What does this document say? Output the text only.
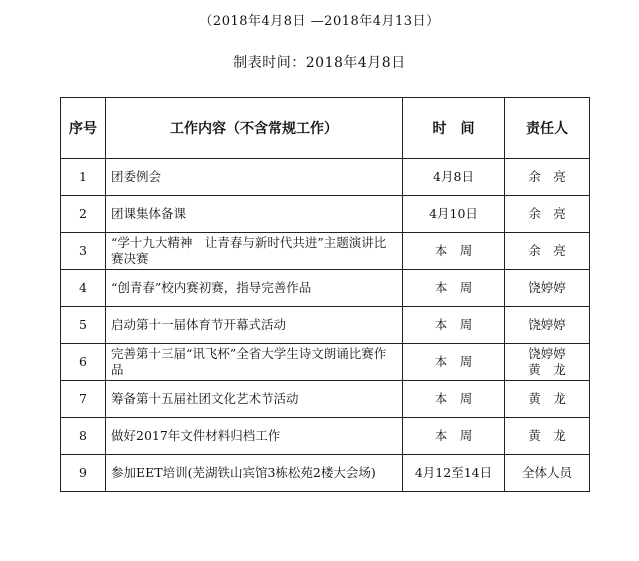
（2018年4月8日 —2018年4月13日）
制表时间：2018年4月8日
序号	工作内容（不含常规工作）	时　间	责任人
1	团委例会	4月8日	余　亮

2	团课集体备课	4月10日	余　亮

3	“学十九大精神　让青春与新时代共进”主题演讲比赛决赛	本　周	余　亮

4	“创青春”校内赛初赛，指导完善作品	本　周	饶婷婷

5	启动第十一届体育节开幕式活动	本　周	饶婷婷

6	完善第十三届“讯飞杯”全省大学生诗文朗诵比赛作品	本　周	饶婷婷
黄　龙

7	筹备第十五届社团文化艺术节活动	本　周	黄　龙

8	做好2017年文件材料归档工作	本　周	黄　龙

9	参加EET培训(芜湖铁山宾馆3栋松苑2楼大会场)	4月12至14日	全体人员
